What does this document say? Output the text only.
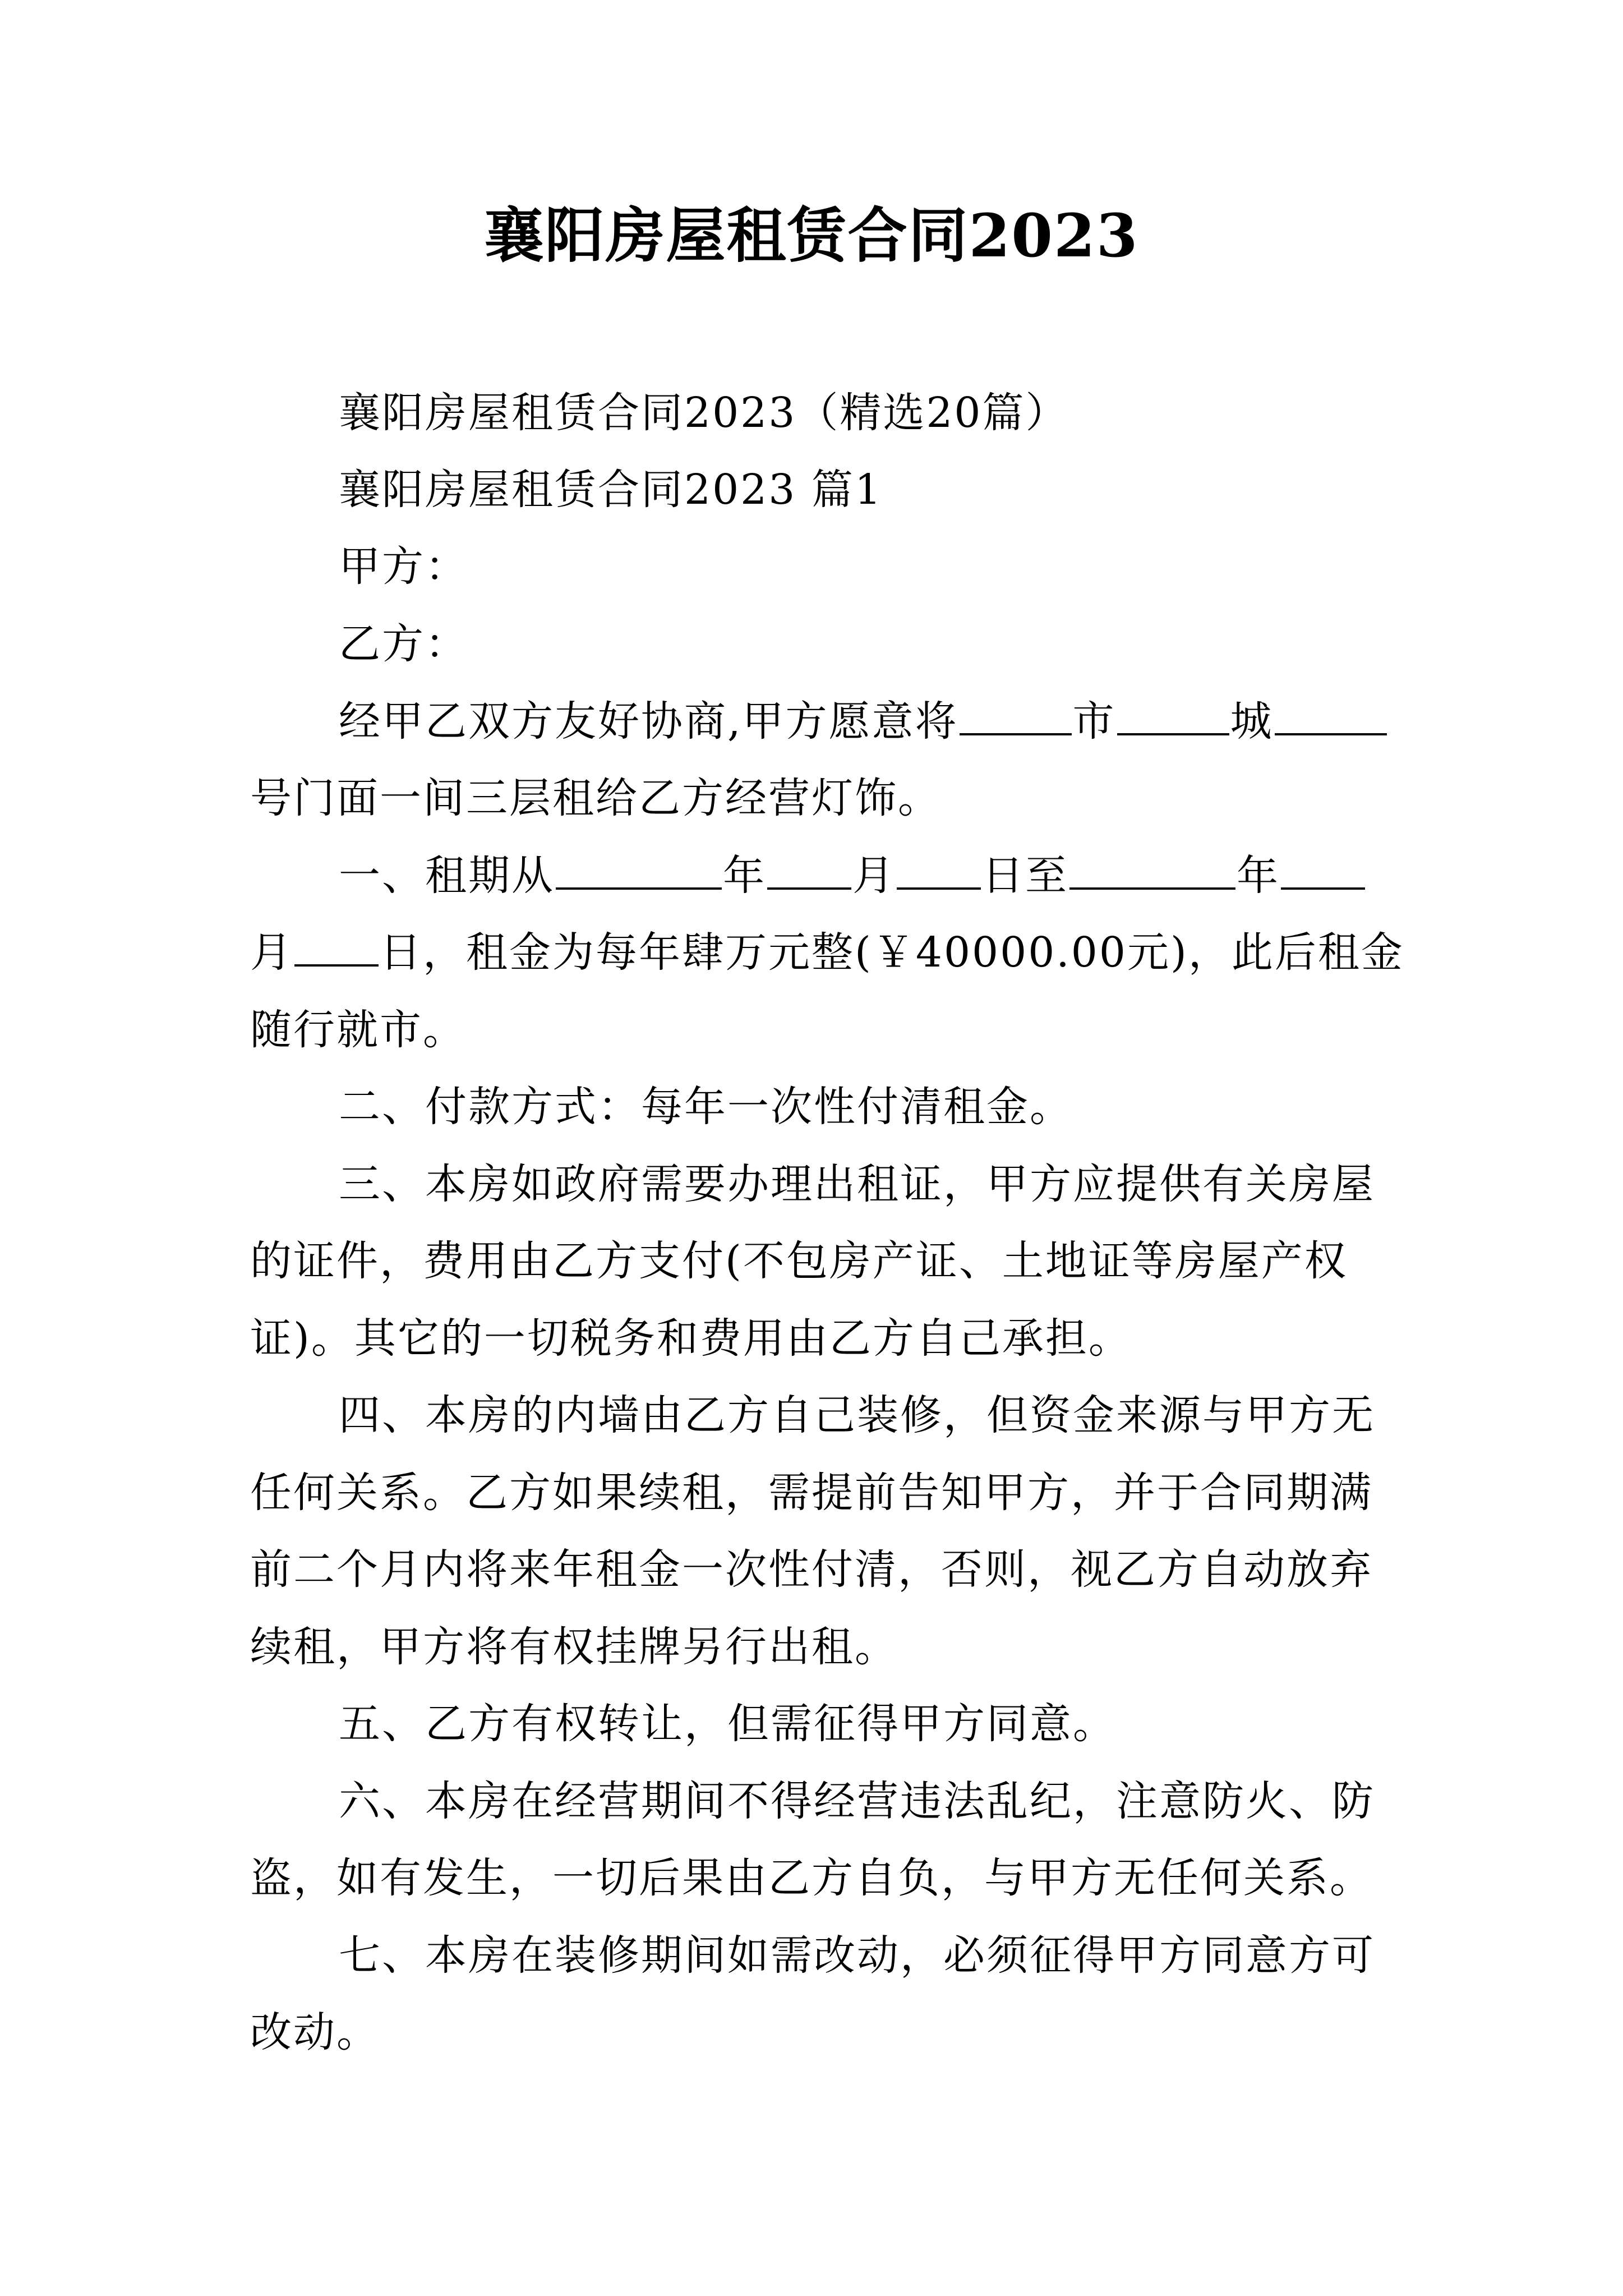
襄阳房屋租赁合同2023
襄阳房屋租赁合同2023（精选20篇）
襄阳房屋租赁合同2023 篇1
甲方：
乙方：
经甲乙双方友好协商,甲方愿意将	市	城
号门面一间三层租给乙方经营灯饰。
一、租期从	年 月 日至	年
月 日，租金为每年肆万元整(￥40000.00元)，此后租金
随行就市。
二、付款方式：每年一次性付清租金。
三、本房如政府需要办理出租证，甲方应提供有关房屋
的证件，费用由乙方支付(不包房产证、土地证等房屋产权
证)。其它的一切税务和费用由乙方自己承担。
四、本房的内墙由乙方自己装修，但资金来源与甲方无
任何关系。乙方如果续租，需提前告知甲方，并于合同期满
前二个月内将来年租金一次性付清，否则，视乙方自动放弃
续租，甲方将有权挂牌另行出租。
五、乙方有权转让，但需征得甲方同意。
六、本房在经营期间不得经营违法乱纪，注意防火、防
盗，如有发生，一切后果由乙方自负，与甲方无任何关系。
七、本房在装修期间如需改动，必须征得甲方同意方可
改动。
